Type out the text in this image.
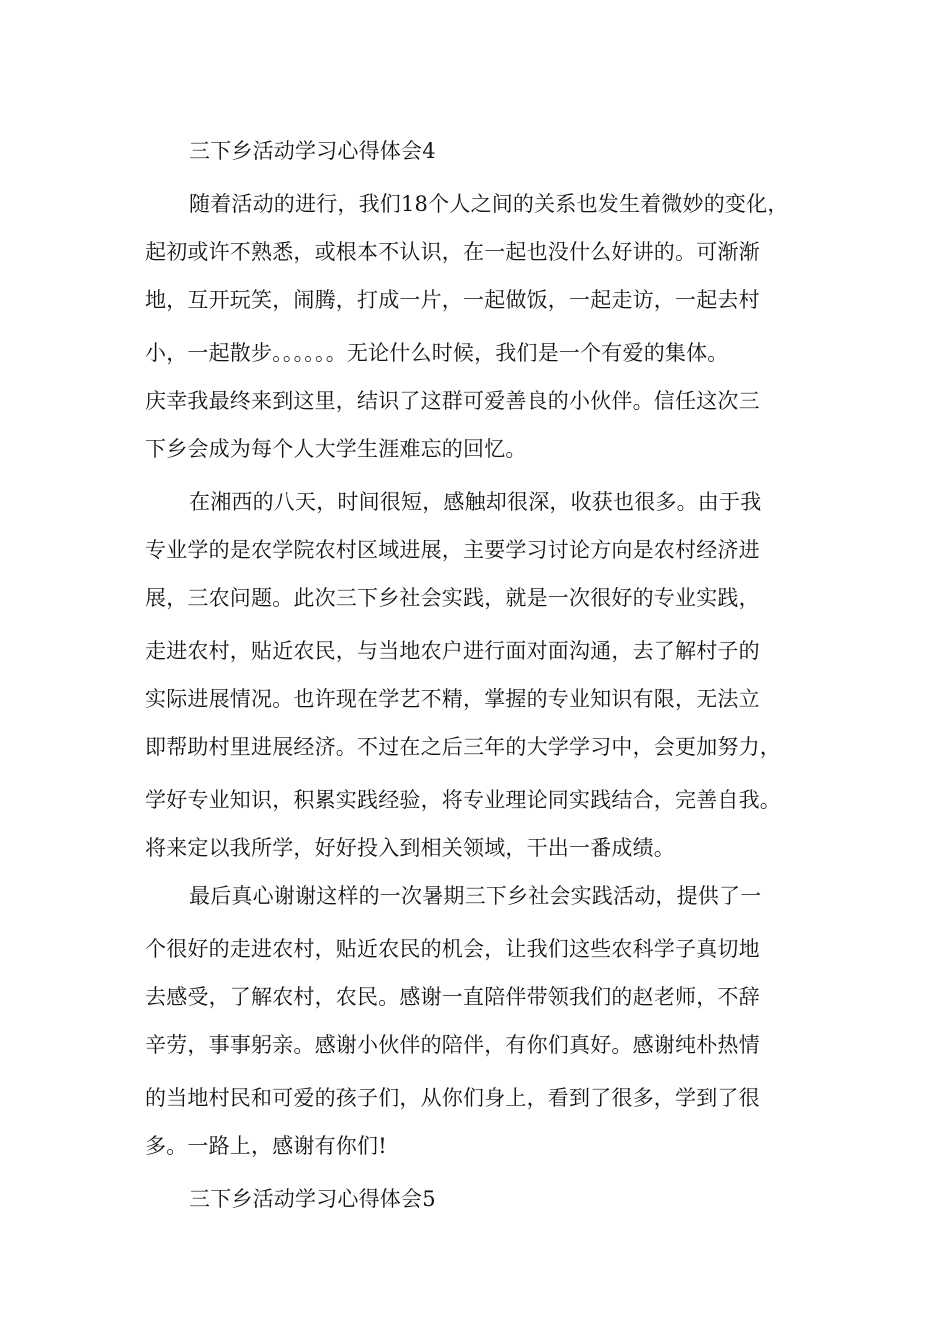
三下乡活动学习心得体会4
随着活动的进行，我们18个人之间的关系也发生着微妙的变化，
起初或许不熟悉，或根本不认识，在一起也没什么好讲的。可渐渐
地，互开玩笑，闹腾，打成一片，一起做饭，一起走访，一起去村
小，一起散步。。。。。。无论什么时候，我们是一个有爱的集体。
庆幸我最终来到这里，结识了这群可爱善良的小伙伴。信任这次三
下乡会成为每个人大学生涯难忘的回忆。
在湘西的八天，时间很短，感触却很深，收获也很多。由于我
专业学的是农学院农村区域进展，主要学习讨论方向是农村经济进
展，三农问题。此次三下乡社会实践，就是一次很好的专业实践，
走进农村，贴近农民，与当地农户进行面对面沟通，去了解村子的
实际进展情况。也许现在学艺不精，掌握的专业知识有限，无法立
即帮助村里进展经济。不过在之后三年的大学学习中，会更加努力，
学好专业知识，积累实践经验，将专业理论同实践结合，完善自我。
将来定以我所学，好好投入到相关领域，干出一番成绩。
最后真心谢谢这样的一次暑期三下乡社会实践活动，提供了一
个很好的走进农村，贴近农民的机会，让我们这些农科学子真切地
去感受，了解农村，农民。感谢一直陪伴带领我们的赵老师，不辞
辛劳，事事躬亲。感谢小伙伴的陪伴，有你们真好。感谢纯朴热情
的当地村民和可爱的孩子们，从你们身上，看到了很多，学到了很
多。一路上，感谢有你们!
三下乡活动学习心得体会5
